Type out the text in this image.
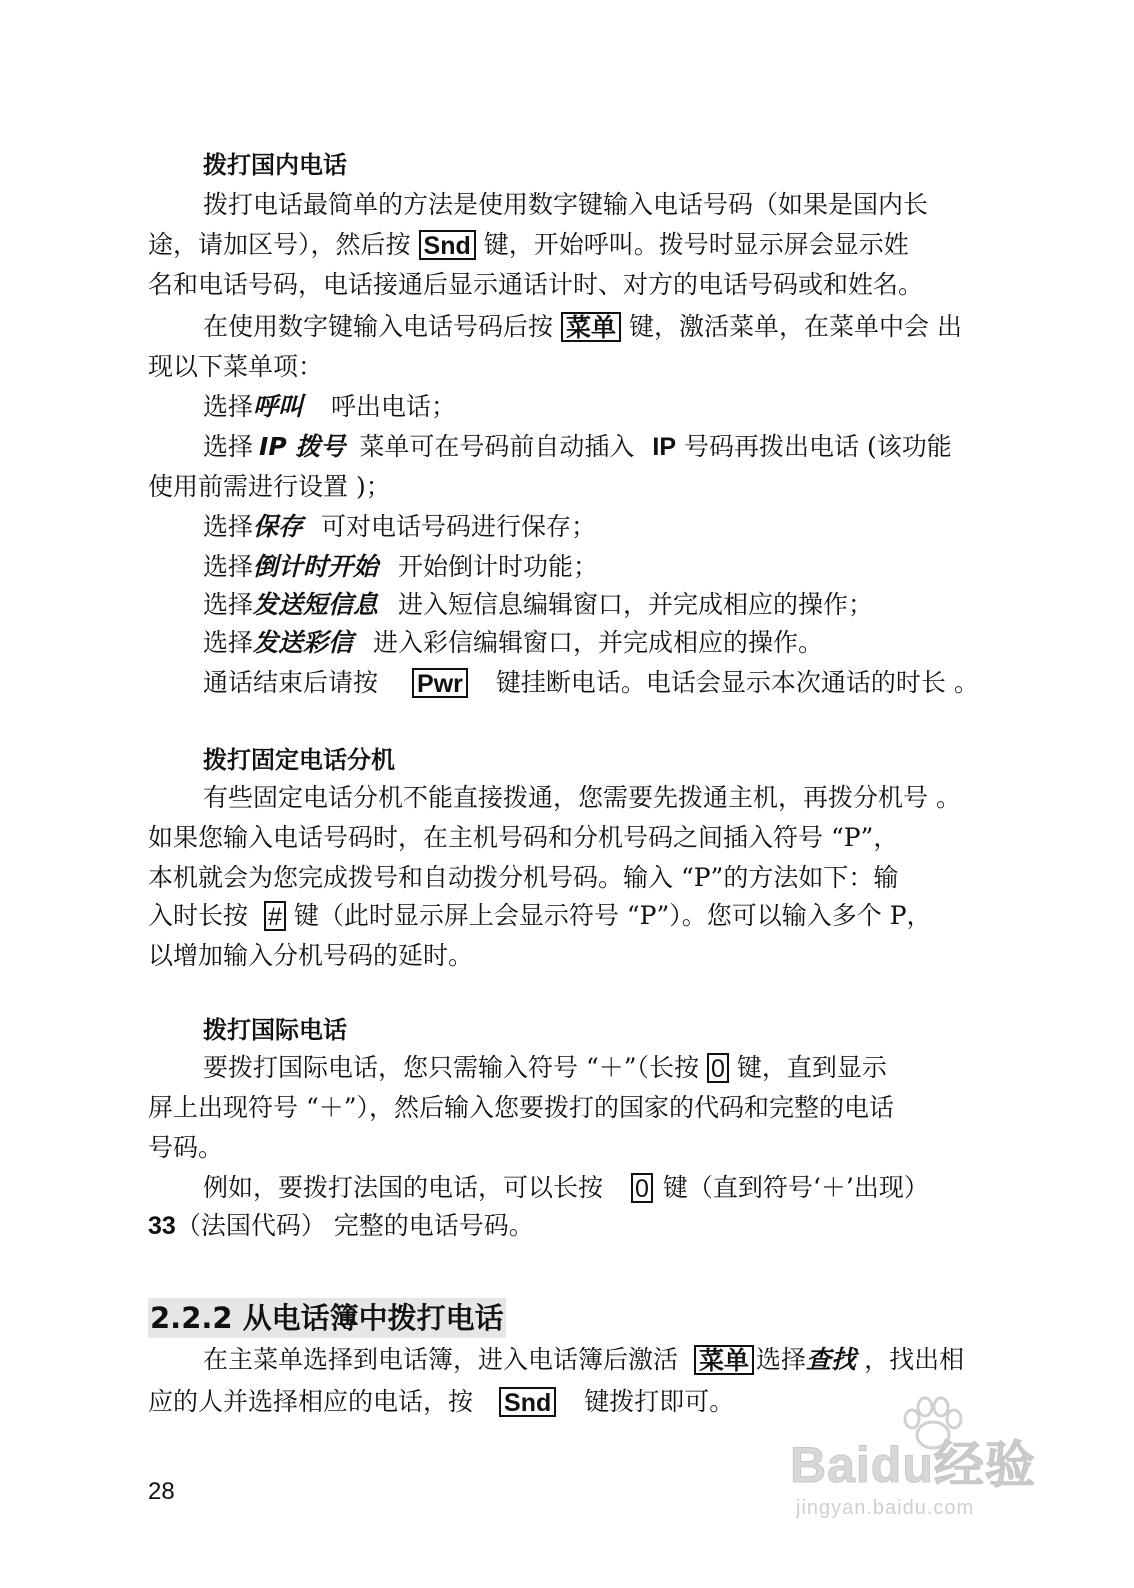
拨打国内电话
拨打电话最简单的方法是使用数字键输入电话号码（如果是国内长
途，请加区号），然后按 Snd 键，开始呼叫。拨号时显示屏会显示姓
名和电话号码，电话接通后显示通话计时、对方的电话号码或和姓名。
在使用数字键输入电话号码后按 菜单 键，激活菜单，在菜单中会 出
现以下菜单项：
选择呼叫 呼出电话；
选择 IP 拨号 菜单可在号码前自动插入 IP 号码再拨出电话 (该功能
使用前需进行设置 )；
选择保存 可对电话号码进行保存；
选择倒计时开始 开始倒计时功能；
选择发送短信息 进入短信息编辑窗口，并完成相应的操作；
选择发送彩信 进入彩信编辑窗口，并完成相应的操作。
通话结束后请按 Pwr 键挂断电话。电话会显示本次通话的时长 。
拨打固定电话分机
有些固定电话分机不能直接拨通，您需要先拨通主机，再拨分机号 。
如果您输入电话号码时，在主机号码和分机号码之间插入符号 “P”，
本机就会为您完成拨号和自动拨分机号码。输入 “P”的方法如下：输
入时长按 # 键（此时显示屏上会显示符号 “P”）。您可以输入多个 P，
以增加输入分机号码的延时。
拨打国际电话
要拨打国际电话，您只需输入符号 “＋”（长按 0 键，直到显示
屏上出现符号 “＋”），然后输入您要拨打的国家的代码和完整的电话
号码。
例如，要拨打法国的电话，可以长按 0 键（直到符号‘＋’出现）
33（法国代码） 完整的电话号码。
2.2.2 从电话簿中拨打电话
在主菜单选择到电话簿，进入电话簿后激活 菜单 选择查找 ，找出相
应的人并选择相应的电话，按 Snd 键拨打即可。
28	Baidu经验
jingyan.baidu.com
